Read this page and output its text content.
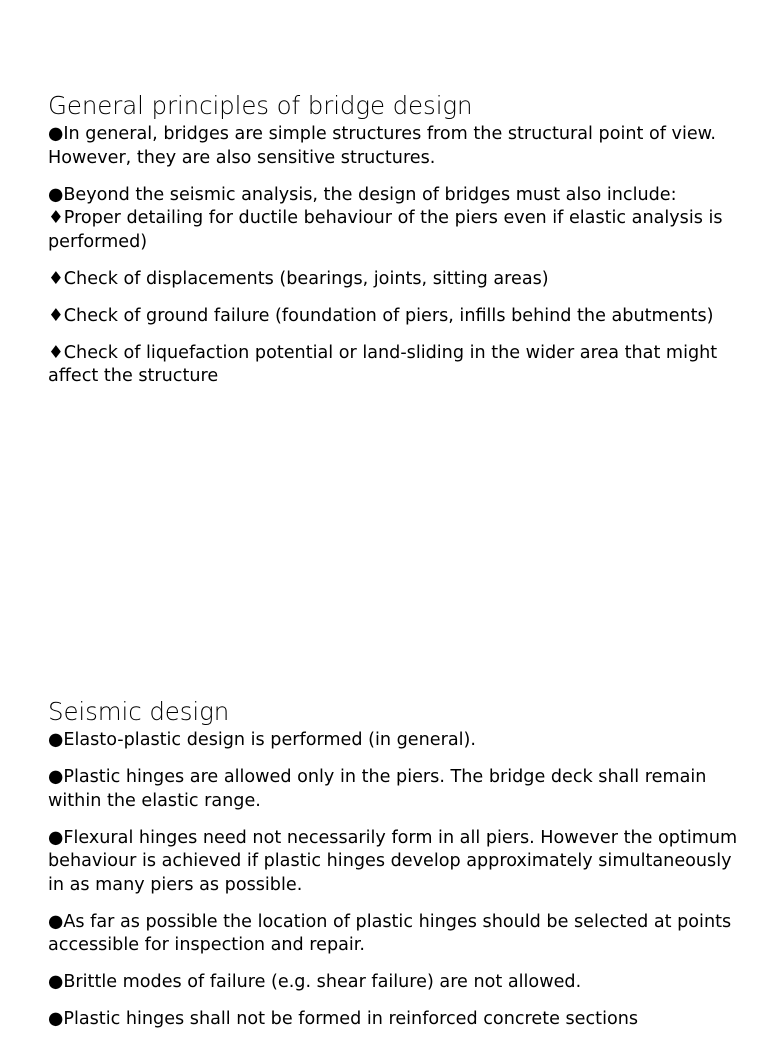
General principles of bridge design
●In general, bridges are simple structures from the structural point of view. However, they are also sensitive structures.
●Beyond the seismic analysis, the design of bridges must also include:
♦Proper detailing for ductile behaviour of the piers even if elastic analysis is performed)
♦Check of displacements (bearings, joints, sitting areas)
♦Check of ground failure (foundation of piers, infills behind the abutments)
♦Check of liquefaction potential or land-sliding in the wider area that might affect the structure
Seismic design
●Elasto-plastic design is performed (in general).
●Plastic hinges are allowed only in the piers. The bridge deck shall remain within the elastic range.
●Flexural hinges need not necessarily form in all piers. However the optimum behaviour is achieved if plastic hinges develop approximately simultaneously in as many piers as possible.
●As far as possible the location of plastic hinges should be selected at points accessible for inspection and repair.
●Brittle modes of failure (e.g. shear failure) are not allowed.
●Plastic hinges shall not be formed in reinforced concrete sections
